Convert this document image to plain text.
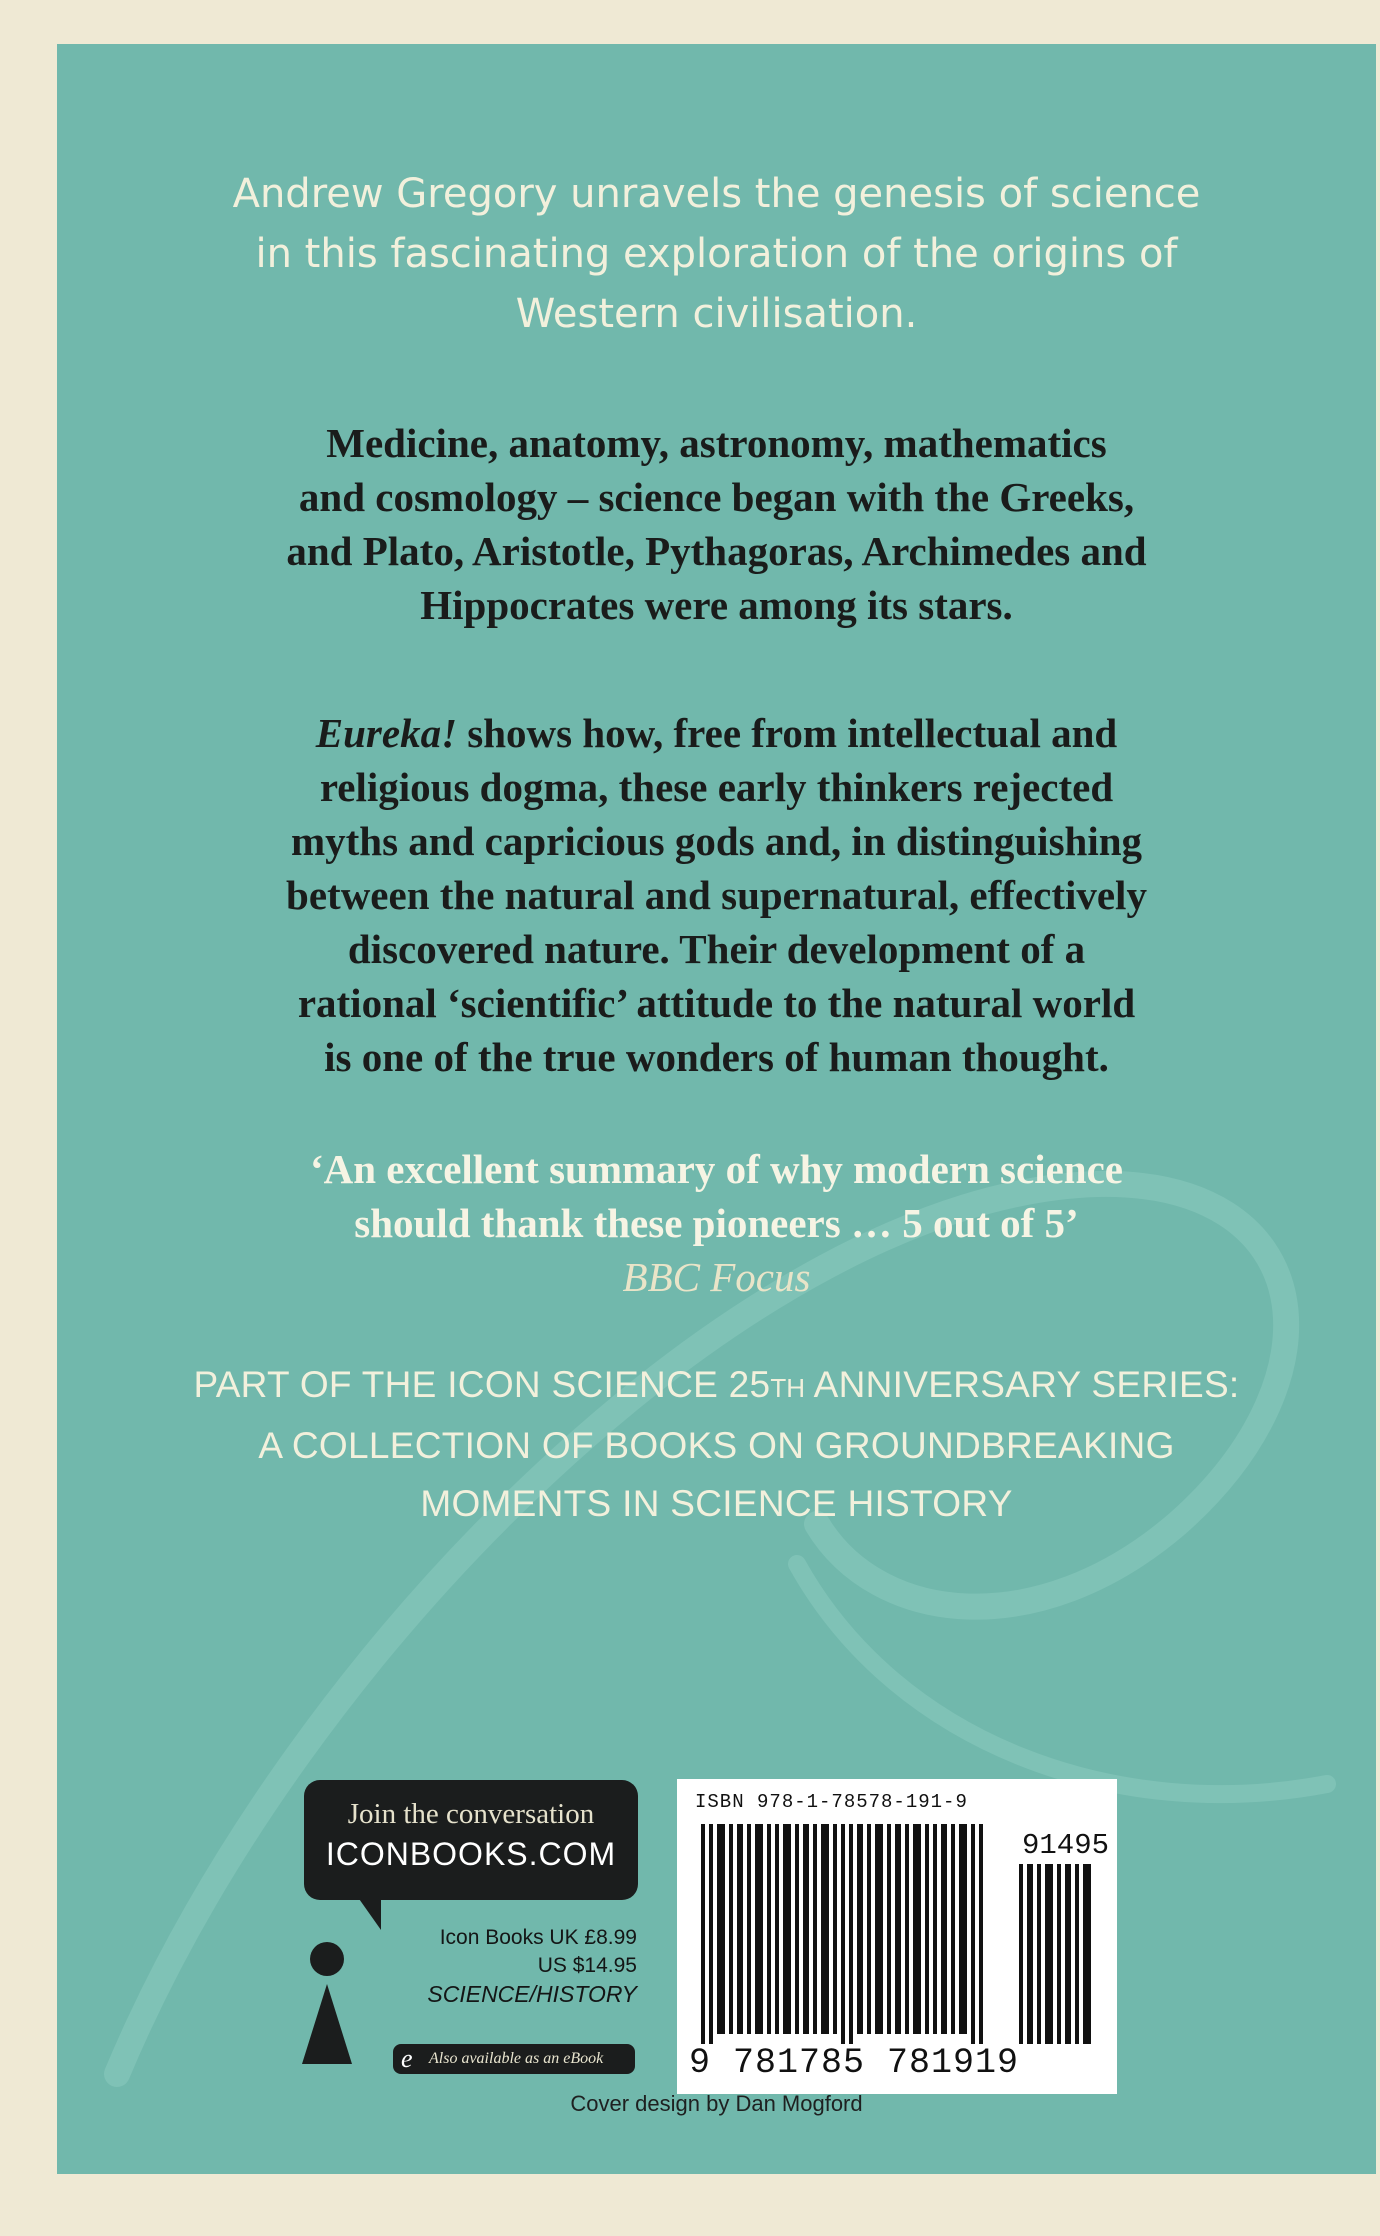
Andrew Gregory unravels the genesis of science
in this fascinating exploration of the origins of
Western civilisation.
Medicine, anatomy, astronomy, mathematics
and cosmology – science began with the Greeks,
and Plato, Aristotle, Pythagoras, Archimedes and
Hippocrates were among its stars.
Eureka! shows how, free from intellectual and
religious dogma, these early thinkers rejected
myths and capricious gods and, in distinguishing
between the natural and supernatural, effectively
discovered nature. Their development of a
rational ‘scientific’ attitude to the natural world
is one of the true wonders of human thought.
‘An excellent summary of why modern science
should thank these pioneers … 5 out of 5’
BBC Focus
PART OF THE ICON SCIENCE 25TH ANNIVERSARY SERIES:
A COLLECTION OF BOOKS ON GROUNDBREAKING
MOMENTS IN SCIENCE HISTORY
Join the conversation
ICONBOOKS.COM
Icon Books UK £8.99
US $14.95
SCIENCE/HISTORY
e Also available as an eBook
ISBN 978-1-78578-191-9
91495
9 781785 781919
Cover design by Dan Mogford
